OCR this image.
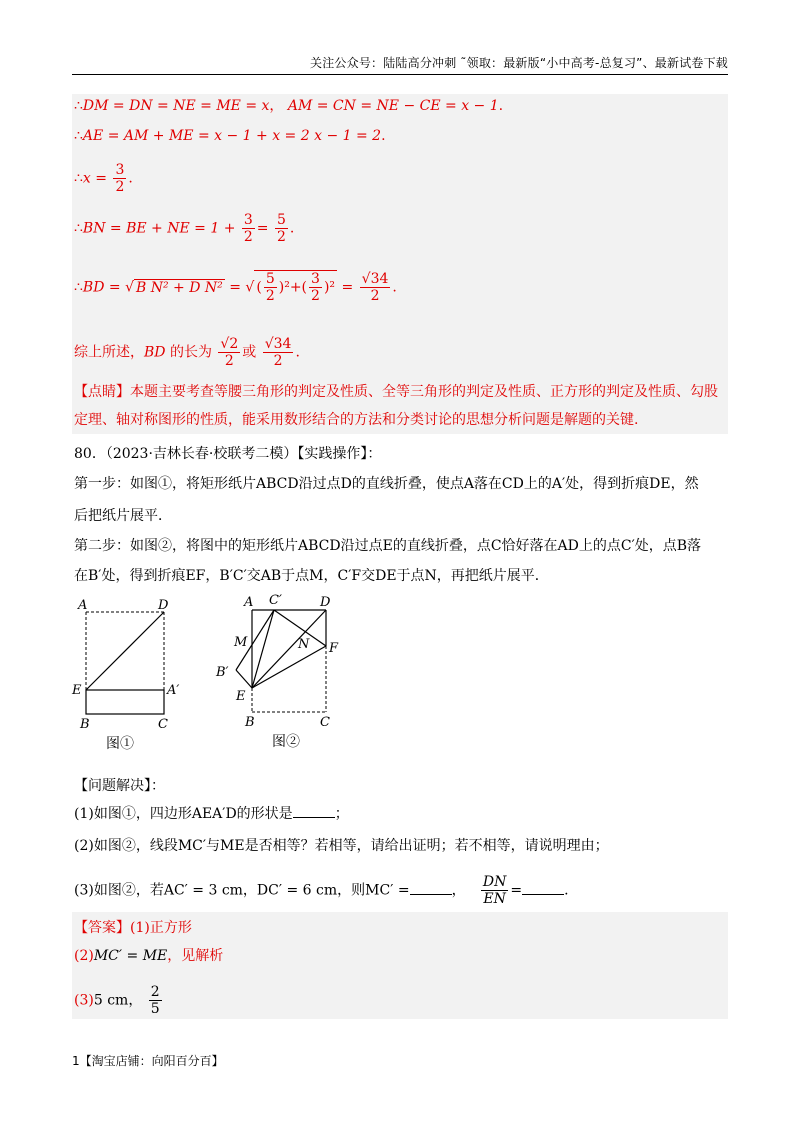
关注公众号：陆陆高分冲刺 ˜领取：最新版“小中高考-总复习”、最新试卷下载
∴DM = DN = NE = ME = x， AM = CN = NE − CE = x − 1.
∴AE = AM + ME = x − 1 + x = 2 x − 1 = 2.
∴x = $\frac{3}{2}$ .
∴BN = BE + NE = $1 + \frac{3}{2} = \frac{5}{2}$ .
∴BD = √ B N² + D N² = √ ( $\frac{5}{2} )^2+( \frac{3}{2} )^2 = \frac{√34}{2}$ .
综上所述，BD 的长为 $\frac{√2}{2}$ 或 $\frac{√34}{2}$ .
【点睛】本题主要考查等腰三角形的判定及性质、全等三角形的判定及性质、正方形的判定及性质、勾股
定理、轴对称图形的性质，能采用数形结合的方法和分类讨论的思想分析问题是解题的关键.
80．（2023·吉林长春·校联考二模）【实践操作】：
第一步：如图①，将矩形纸片ABCD沿过点D的直线折叠，使点A落在CD上的A′处，得到折痕DE，然
后把纸片展平．
第二步：如图②，将图中的矩形纸片ABCD沿过点E的直线折叠，点C恰好落在AD上的点C′处，点B落
在B′处，得到折痕EF，B′C′交AB于点M，C′F交DE于点N，再把纸片展平．
A	D
E	A′
B	C
图①
A C′	D
M	N F
B′
E
B	C
图②
【问题解决】：
(1)如图①，四边形AEA′D的形状是	；
(2)如图②，线段MC′与ME是否相等？若相等，请给出证明；若不相等，请说明理由；
(3)如图②，若AC′ = 3 cm，DC′ = 6 cm，则MC′ =	， $\frac{DN}{EN}$ =	.
【答案】(1)正方形
(2)MC′ = ME，见解析
(3)5 cm， $\frac{2}{5}$
1【淘宝店铺：向阳百分百】
